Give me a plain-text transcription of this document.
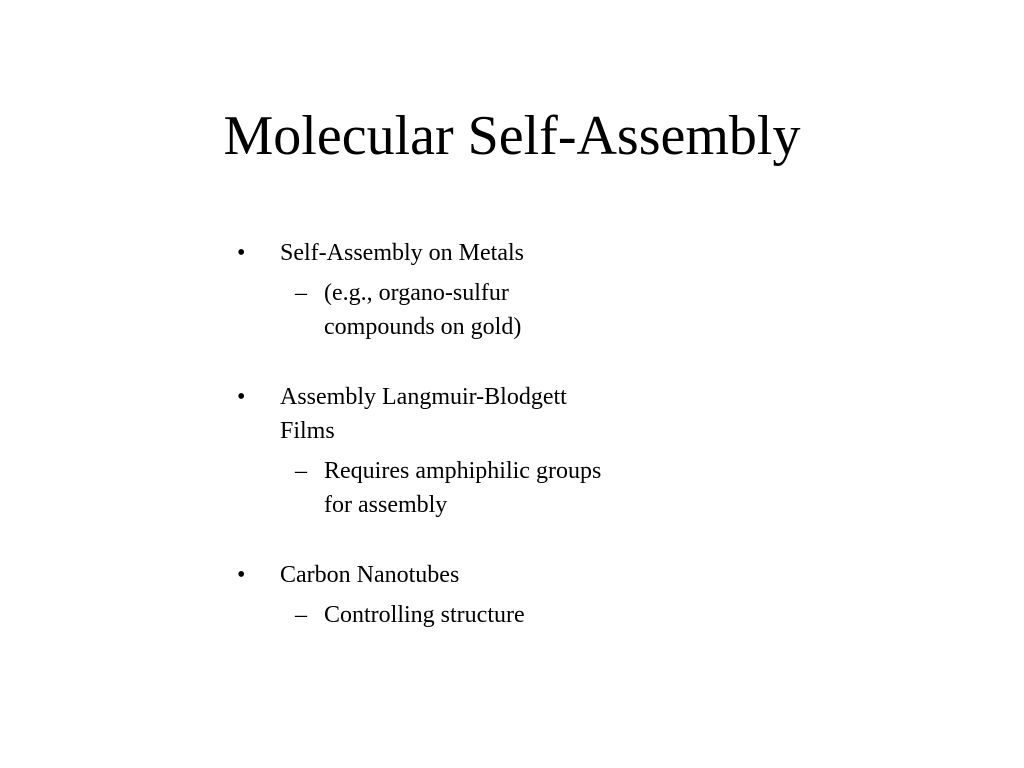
Molecular Self-Assembly

• Self-Assembly on Metals

– (e.g., organo-sulfur compounds on gold)

• Assembly Langmuir-Blodgett Films

– Requires amphiphilic groups for assembly

• Carbon Nanotubes

– Controlling structure
